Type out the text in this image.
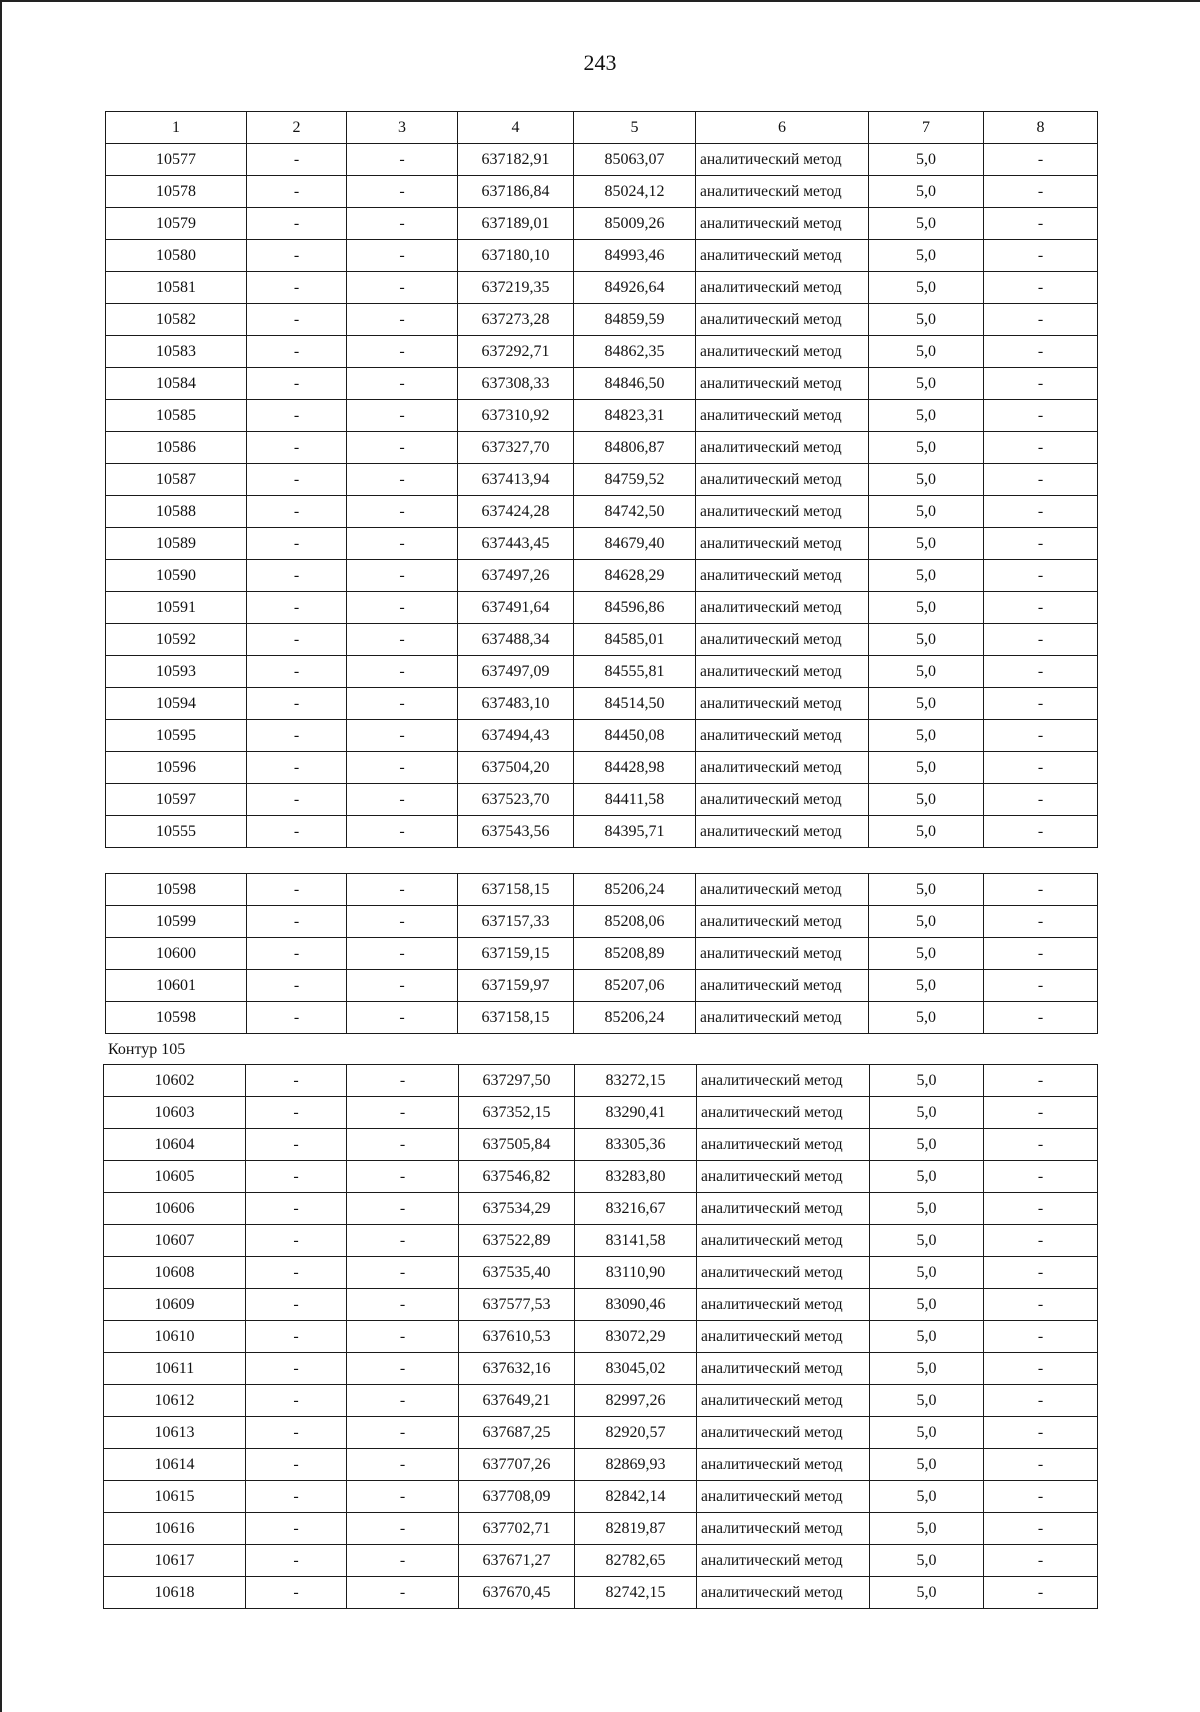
243
1	2	3	4	5	6	7	8
10577	-	-	637182,91	85063,07	аналитический метод	5,0	-
10578	-	-	637186,84	85024,12	аналитический метод	5,0	-
10579	-	-	637189,01	85009,26	аналитический метод	5,0	-
10580	-	-	637180,10	84993,46	аналитический метод	5,0	-
10581	-	-	637219,35	84926,64	аналитический метод	5,0	-
10582	-	-	637273,28	84859,59	аналитический метод	5,0	-
10583	-	-	637292,71	84862,35	аналитический метод	5,0	-
10584	-	-	637308,33	84846,50	аналитический метод	5,0	-
10585	-	-	637310,92	84823,31	аналитический метод	5,0	-
10586	-	-	637327,70	84806,87	аналитический метод	5,0	-
10587	-	-	637413,94	84759,52	аналитический метод	5,0	-
10588	-	-	637424,28	84742,50	аналитический метод	5,0	-
10589	-	-	637443,45	84679,40	аналитический метод	5,0	-
10590	-	-	637497,26	84628,29	аналитический метод	5,0	-
10591	-	-	637491,64	84596,86	аналитический метод	5,0	-
10592	-	-	637488,34	84585,01	аналитический метод	5,0	-
10593	-	-	637497,09	84555,81	аналитический метод	5,0	-
10594	-	-	637483,10	84514,50	аналитический метод	5,0	-
10595	-	-	637494,43	84450,08	аналитический метод	5,0	-
10596	-	-	637504,20	84428,98	аналитический метод	5,0	-
10597	-	-	637523,70	84411,58	аналитический метод	5,0	-
10555	-	-	637543,56	84395,71	аналитический метод	5,0	-
10598	-	-	637158,15	85206,24	аналитический метод	5,0	-
10599	-	-	637157,33	85208,06	аналитический метод	5,0	-
10600	-	-	637159,15	85208,89	аналитический метод	5,0	-
10601	-	-	637159,97	85207,06	аналитический метод	5,0	-
10598	-	-	637158,15	85206,24	аналитический метод	5,0	-
Контур 105
10602	-	-	637297,50	83272,15	аналитический метод	5,0	-
10603	-	-	637352,15	83290,41	аналитический метод	5,0	-
10604	-	-	637505,84	83305,36	аналитический метод	5,0	-
10605	-	-	637546,82	83283,80	аналитический метод	5,0	-
10606	-	-	637534,29	83216,67	аналитический метод	5,0	-
10607	-	-	637522,89	83141,58	аналитический метод	5,0	-
10608	-	-	637535,40	83110,90	аналитический метод	5,0	-
10609	-	-	637577,53	83090,46	аналитический метод	5,0	-
10610	-	-	637610,53	83072,29	аналитический метод	5,0	-
10611	-	-	637632,16	83045,02	аналитический метод	5,0	-
10612	-	-	637649,21	82997,26	аналитический метод	5,0	-
10613	-	-	637687,25	82920,57	аналитический метод	5,0	-
10614	-	-	637707,26	82869,93	аналитический метод	5,0	-
10615	-	-	637708,09	82842,14	аналитический метод	5,0	-
10616	-	-	637702,71	82819,87	аналитический метод	5,0	-
10617	-	-	637671,27	82782,65	аналитический метод	5,0	-
10618	-	-	637670,45	82742,15	аналитический метод	5,0	-
